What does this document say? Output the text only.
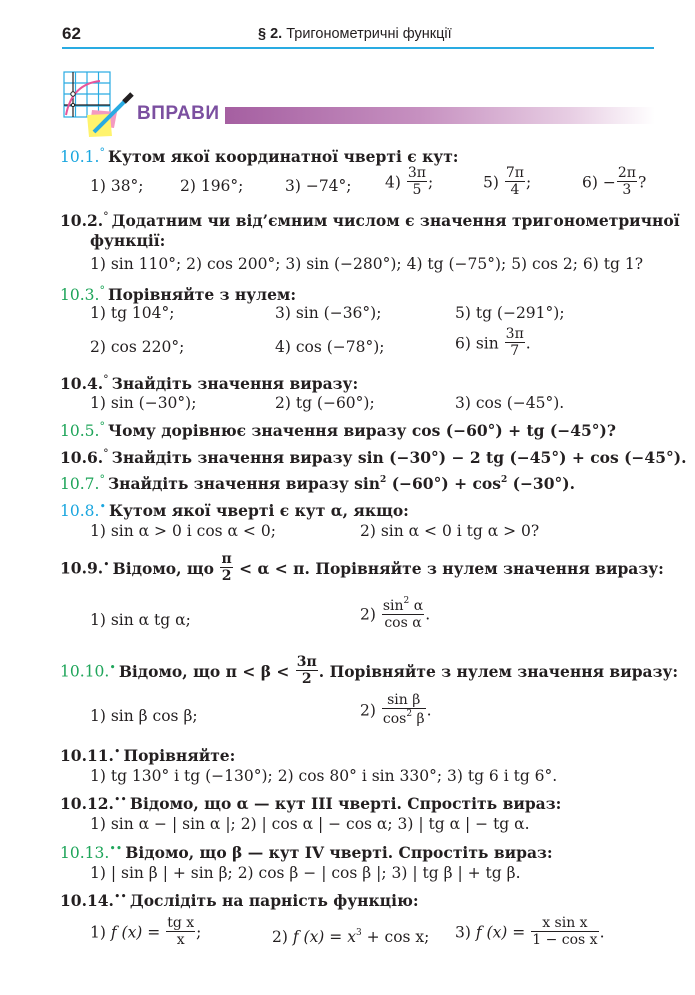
62	§ 2. Тригонометричні функції
ВПРАВИ
10.1.° Кутом якої координатної чверті є кут:
1) 38°; 2) 196°;	3) −74°; $4) \frac{3\pi}{5}$ ;	$5) \frac{7\pi}{4}$ ;	$6) - \frac{2\pi}{3}$ ?
10.2.° Додатним чи від’ємним числом є значення тригонометричної
функції:
1) sin 110°; 2) cos 200°; 3) sin (−280°); 4) tg (−75°); 5) cos 2; 6) tg 1?
10.3.° Порівняйте з нулем:
1) tg 104°;	3) sin (−36°);	5) tg (−291°);
2) cos 220°;	4) cos (−78°);	6) $\sin \frac{3\pi}{7}$ .
10.4.° Знайдіть значення виразу:
1) sin (−30°);	2) tg (−60°);	3) cos (−45°).
10.5.° Чому дорівнює значення виразу cos (−60°) + tg (−45°)?
10.6.° Знайдіть значення виразу sin (−30°) − 2 tg (−45°) + cos (−45°).
10.7.° Знайдіть значення виразу $\sin^2 (-60^\circ) + \cos^2 (-30^\circ)$.
10.8.• Кутом якої чверті є кут α, якщо:
1) sin α > 0 і cos α < 0;	2) sin α < 0 і tg α > 0?
10.9.• Відомо, що $\frac{\pi}{2} < \alpha < \pi$. Порівняйте з нулем значення виразу:
1) sin α tg α;	$2) \frac{\sin^2 \alpha}{\text{cos α}}$ .
10.10.• Відомо, що $\pi < \beta < \frac{3\pi}{2}$ . Порівняйте з нулем значення виразу:
1) sin β cos β;	$2) \frac{\text{sin β}}{\cos^2 \beta}$ .
10.11.• Порівняйте:
1) tg 130° і tg (−130°); 2) cos 80° і sin 330°; 3) tg 6 і tg 6°.
10.12.•• Відомо, що α — кут III чверті. Спростіть вираз:
1) sin α − | sin α |; 2) | cos α | − cos α; 3) | tg α | − tg α.
10.13.•• Відомо, що β — кут IV чверті. Спростіть вираз:
1) | sin β | + sin β; 2) cos β − | cos β |; 3) | tg β | + tg β.
10.14.•• Дослідіть на парність функцію:
1) f $(x) = \frac{\text{tg x}}{x}$ ;	2) f $(x) = x^3 + \cos x$; 3) f $(x) = \frac{\text{x sin x}}{\text{1 − cos x}}$ .
